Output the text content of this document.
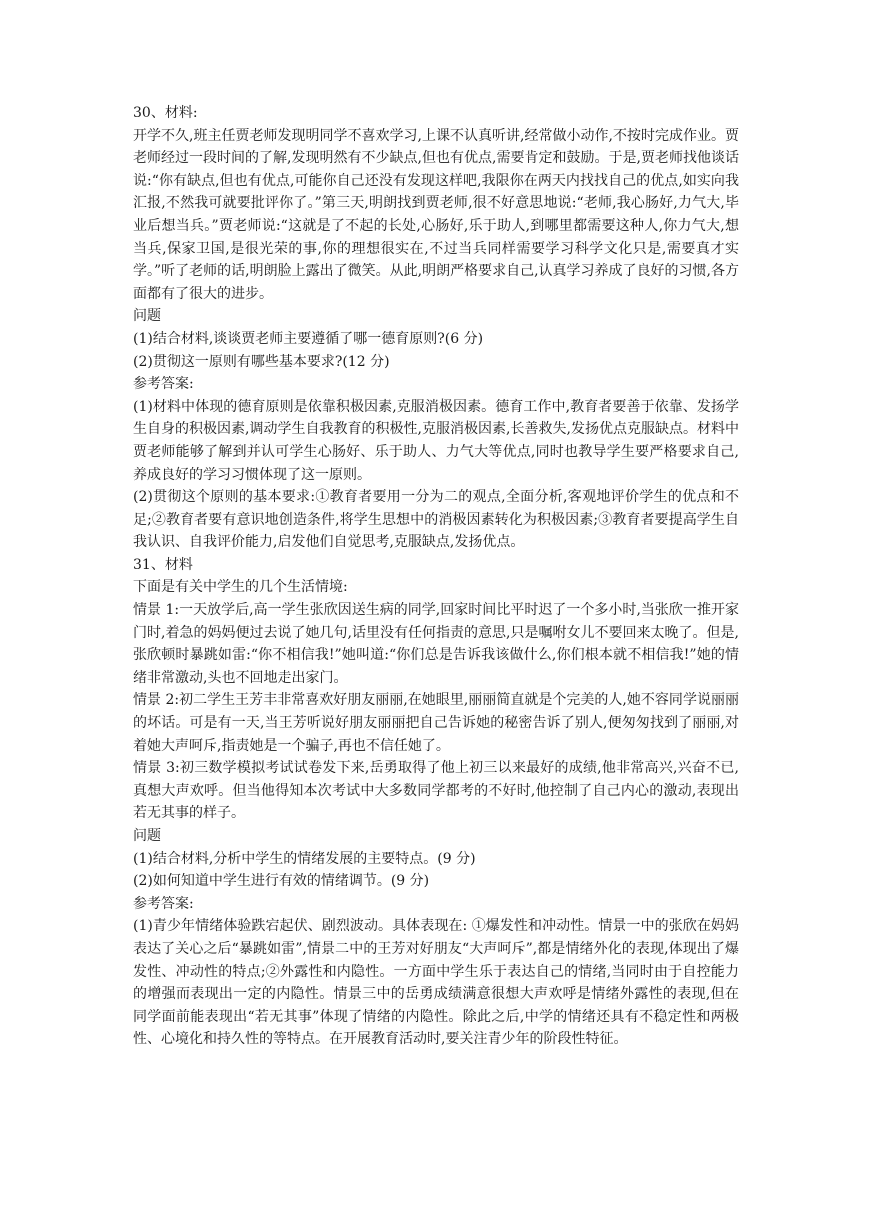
30、材料:

开学不久,班主任贾老师发现明同学不喜欢学习,上课不认真听讲,经常做小动作,不按时完成作业。贾老师经过一段时间的了解,发现明然有不少缺点,但也有优点,需要肯定和鼓励。于是,贾老师找他谈话说:“你有缺点,但也有优点,可能你自己还没有发现这样吧,我限你在两天内找找自己的优点,如实向我汇报,不然我可就要批评你了。”第三天,明朗找到贾老师,很不好意思地说:“老师,我心肠好,力气大,毕业后想当兵。”贾老师说:“这就是了不起的长处,心肠好,乐于助人,到哪里都需要这种人,你力气大,想当兵,保家卫国,是很光荣的事,你的理想很实在,不过当兵同样需要学习科学文化只是,需要真才实学。”听了老师的话,明朗脸上露出了微笑。从此,明朗严格要求自己,认真学习养成了良好的习惯,各方面都有了很大的进步。

问题

(1)结合材料,谈谈贾老师主要遵循了哪一德育原则?(6 分)

(2)贯彻这一原则有哪些基本要求?(12 分)

参考答案:

(1)材料中体现的德育原则是依靠积极因素,克服消极因素。德育工作中,教育者要善于依靠、发扬学生自身的积极因素,调动学生自我教育的积极性,克服消极因素,长善救失,发扬优点克服缺点。材料中贾老师能够了解到并认可学生心肠好、乐于助人、力气大等优点,同时也教导学生要严格要求自己,养成良好的学习习惯体现了这一原则。

(2)贯彻这个原则的基本要求:①教育者要用一分为二的观点,全面分析,客观地评价学生的优点和不足;②教育者要有意识地创造条件,将学生思想中的消极因素转化为积极因素;③教育者要提高学生自我认识、自我评价能力,启发他们自觉思考,克服缺点,发扬优点。

31、材料

下面是有关中学生的几个生活情境:

情景 1:一天放学后,高一学生张欣因送生病的同学,回家时间比平时迟了一个多小时,当张欣一推开家门时,着急的妈妈便过去说了她几句,话里没有任何指责的意思,只是嘱咐女儿不要回来太晚了。但是,张欣顿时暴跳如雷:“你不相信我!”她叫道:“你们总是告诉我该做什么,你们根本就不相信我!”她的情绪非常激动,头也不回地走出家门。

情景 2:初二学生王芳丰非常喜欢好朋友丽丽,在她眼里,丽丽简直就是个完美的人,她不容同学说丽丽的坏话。可是有一天,当王芳听说好朋友丽丽把自己告诉她的秘密告诉了别人,便匆匆找到了丽丽,对着她大声呵斥,指责她是一个骗子,再也不信任她了。

情景 3:初三数学模拟考试试卷发下来,岳勇取得了他上初三以来最好的成绩,他非常高兴,兴奋不已,真想大声欢呼。但当他得知本次考试中大多数同学都考的不好时,他控制了自己内心的激动,表现出若无其事的样子。

问题

(1)结合材料,分析中学生的情绪发展的主要特点。(9 分)

(2)如何知道中学生进行有效的情绪调节。(9 分)

参考答案:

(1)青少年情绪体验跌宕起伏、剧烈波动。具体表现在: ①爆发性和冲动性。情景一中的张欣在妈妈表达了关心之后“暴跳如雷”,情景二中的王芳对好朋友“大声呵斥”,都是情绪外化的表现,体现出了爆发性、冲动性的特点;②外露性和内隐性。一方面中学生乐于表达自己的情绪,当同时由于自控能力的增强而表现出一定的内隐性。情景三中的岳勇成绩满意很想大声欢呼是情绪外露性的表现,但在同学面前能表现出“若无其事”体现了情绪的内隐性。除此之后,中学的情绪还具有不稳定性和两极性、心境化和持久性的等特点。在开展教育活动时,要关注青少年的阶段性特征。
